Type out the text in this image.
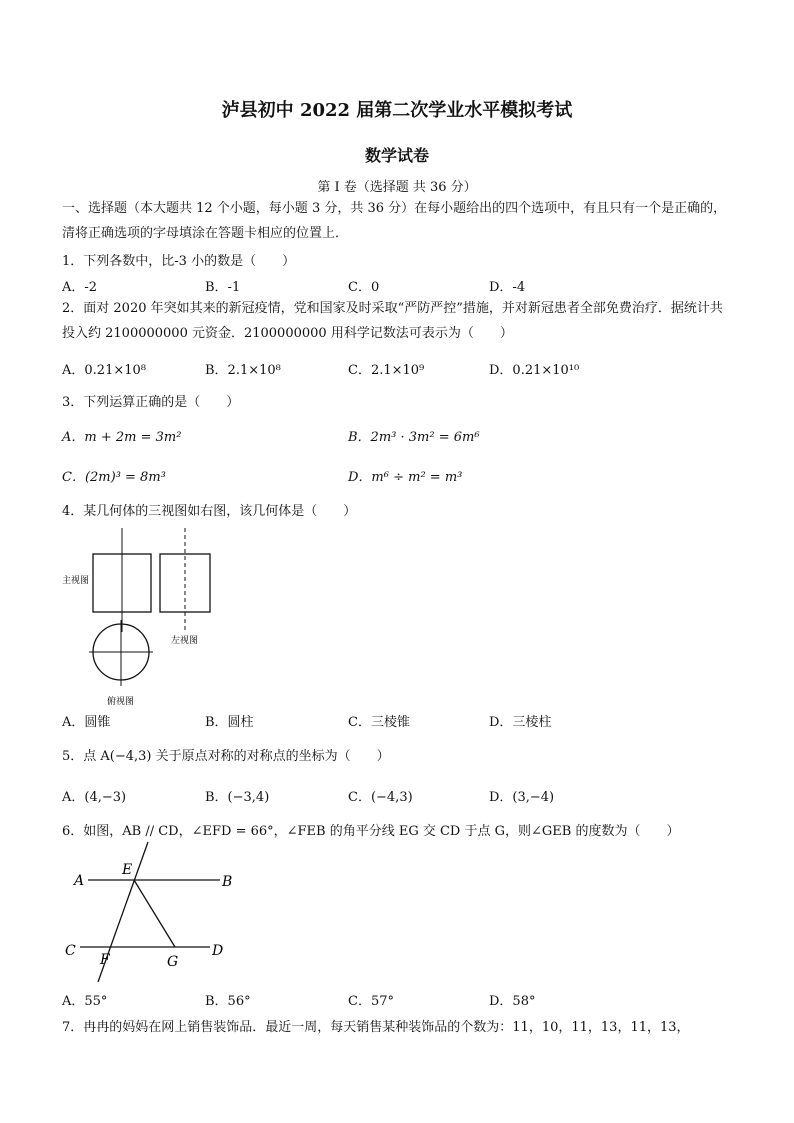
泸县初中 2022 届第二次学业水平模拟考试
数学试卷
第 I 卷（选择题 共 36 分）
一、选择题（本大题共 12 个小题，每小题 3 分，共 36 分）在每小题给出的四个选项中，有且只有一个是正确的，清将正确选项的字母填涂在答题卡相应的位置上．
1．下列各数中，比-3 小的数是（　　）
A．-2	B．-1	C．0	D．-4
2．面对 2020 年突如其来的新冠疫情，党和国家及时采取“严防严控”措施，并对新冠患者全部免费治疗．据统计共投入约 2100000000 元资金．2100000000 用科学记数法可表示为（　　）
A．0.21×10⁸	B．2.1×10⁸	C．2.1×10⁹	D．0.21×10¹⁰
3．下列运算正确的是（　　）
A．m + 2m = 3m²	B．2m³ · 3m² = 6m⁶
C．(2m)³ = 8m³	D．m⁶ ÷ m² = m³
4．某几何体的三视图如右图，该几何体是（　　）
主视图
左视图
俯视图
A．圆锥	B．圆柱	C．三棱锥	D．三棱柱
5．点 A(−4,3) 关于原点对称的对称点的坐标为（　　）
A．(4,−3)	B．(−3,4)	C．(−4,3)	D．(3,−4)
6．如图，AB // CD，∠EFD = 66°，∠FEB 的角平分线 EG 交 CD 于点 G，则∠GEB 的度数为（　　）
A
E
B
C
F	G
D
A．55°	B．56°	C．57°	D．58°
7．冉冉的妈妈在网上销售装饰品．最近一周，每天销售某种装饰品的个数为：11，10，11，13，11，13，
